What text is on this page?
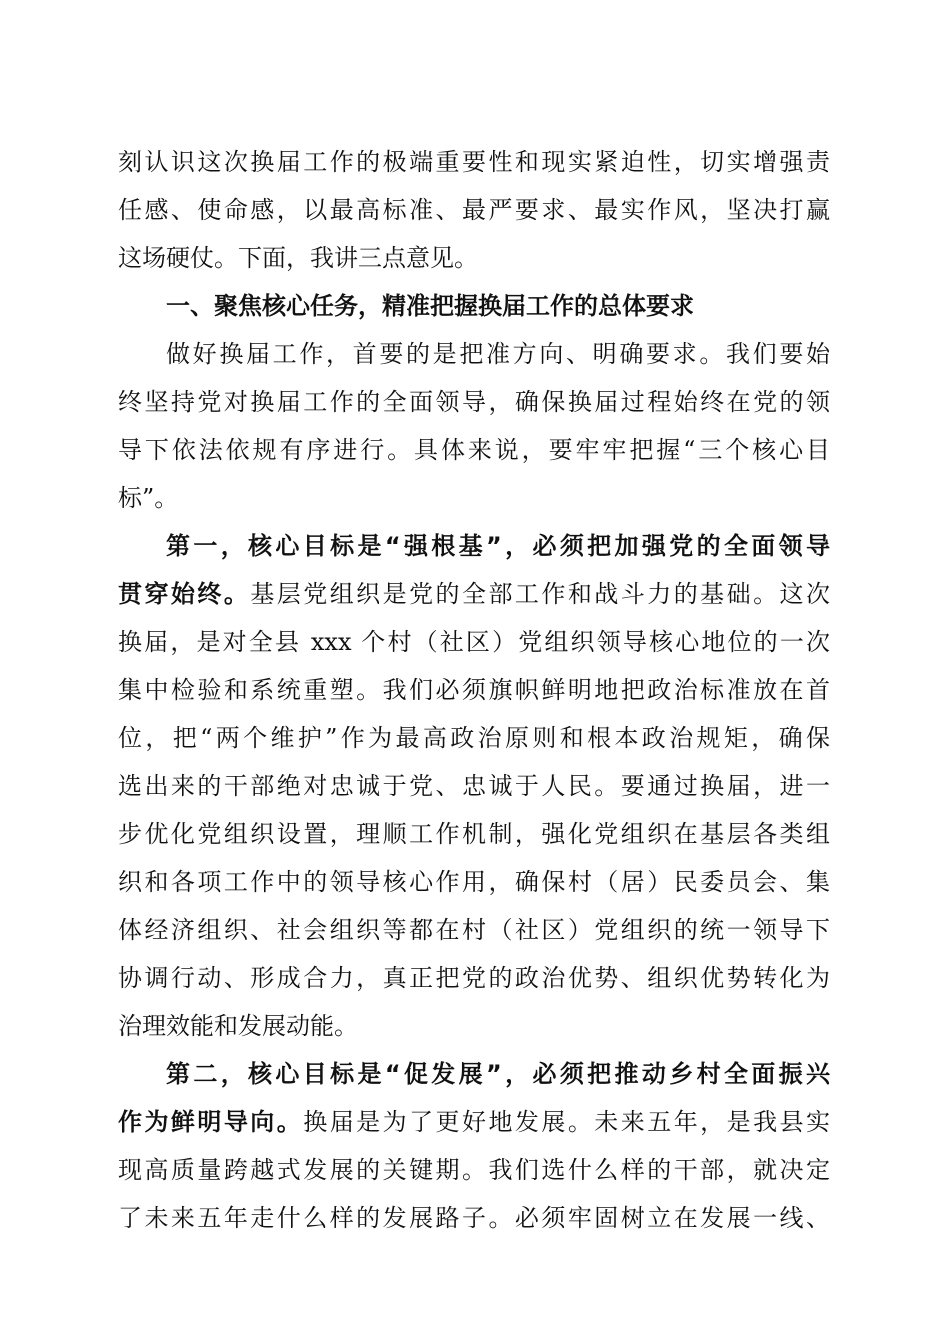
刻认识这次换届工作的极端重要性和现实紧迫性，切实增强责
任感、使命感，以最高标准、最严要求、最实作风，坚决打赢
这场硬仗。下面，我讲三点意见。
一、聚焦核心任务，精准把握换届工作的总体要求
做好换届工作，首要的是把准方向、明确要求。我们要始
终坚持党对换届工作的全面领导，确保换届过程始终在党的领
导下依法依规有序进行。具体来说，要牢牢把握“三个核心目
标”。
第一，核心目标是“强根基”，必须把加强党的全面领导
贯穿始终。基层党组织是党的全部工作和战斗力的基础。这次
换届，是对全县 xxx 个村（社区）党组织领导核心地位的一次
集中检验和系统重塑。我们必须旗帜鲜明地把政治标准放在首
位，把“两个维护”作为最高政治原则和根本政治规矩，确保
选出来的干部绝对忠诚于党、忠诚于人民。要通过换届，进一
步优化党组织设置，理顺工作机制，强化党组织在基层各类组
织和各项工作中的领导核心作用，确保村（居）民委员会、集
体经济组织、社会组织等都在村（社区）党组织的统一领导下
协调行动、形成合力，真正把党的政治优势、组织优势转化为
治理效能和发展动能。
第二，核心目标是“促发展”，必须把推动乡村全面振兴
作为鲜明导向。换届是为了更好地发展。未来五年，是我县实
现高质量跨越式发展的关键期。我们选什么样的干部，就决定
了未来五年走什么样的发展路子。必须牢固树立在发展一线、
